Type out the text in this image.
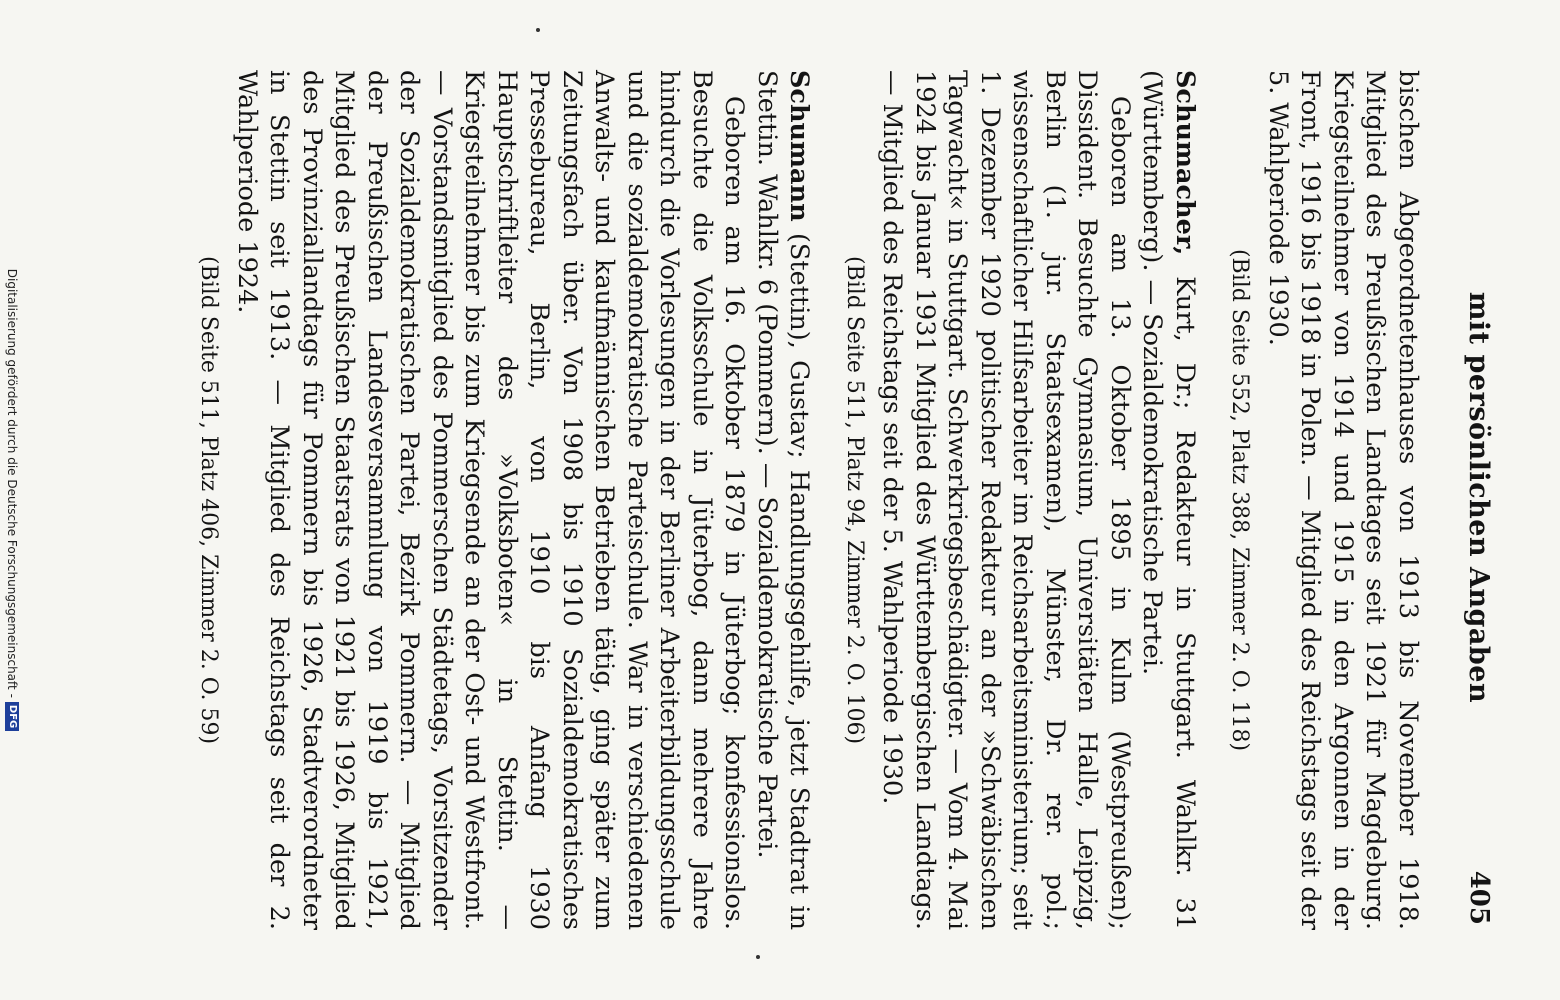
mit persönlichen Angaben
405

bischen Abgeordnetenhauses von 1913 bis November 1918. Mitglied des Preußischen Landtages seit 1921 für Magdeburg. Kriegsteilnehmer von 1914 und 1915 in den Argonnen in der Front, 1916 bis 1918 in Polen. — Mitglied des Reichstags seit der 5. Wahlperiode 1930.

(Bild Seite 552, Platz 388, Zimmer 2. O. 118)

Schumacher, Kurt, Dr.; Redakteur in Stuttgart. Wahlkr. 31 (Württemberg). — Sozialdemokratische Partei.

Geboren am 13. Oktober 1895 in Kulm (Westpreußen); Dissident. Besuchte Gymnasium, Universitäten Halle, Leipzig, Berlin (1. jur. Staatsexamen), Münster, Dr. rer. pol.; wissenschaftlicher Hilfsarbeiter im Reichsarbeitsministerium; seit 1. Dezember 1920 politischer Redakteur an der »Schwäbischen Tagwacht« in Stuttgart. Schwerkriegsbeschädigter. — Vom 4. Mai 1924 bis Januar 1931 Mitglied des Württembergischen Landtags. — Mitglied des Reichstags seit der 5. Wahlperiode 1930.

(Bild Seite 511, Platz 94, Zimmer 2. O. 106)

Schumann (Stettin), Gustav; Handlungsgehilfe, jetzt Stadtrat in Stettin. Wahlkr. 6 (Pommern). — Sozialdemokratische Partei.

Geboren am 16. Oktober 1879 in Jüterbog; konfessionslos. Besuchte die Volksschule in Jüterbog, dann mehrere Jahre hindurch die Vorlesungen in der Berliner Arbeiterbildungsschule und die sozialdemokratische Parteischule. War in verschiedenen Anwalts- und kaufmännischen Betrieben tätig, ging später zum Zeitungsfach über. Von 1908 bis 1910 Sozialdemokratisches Pressebureau, Berlin, von 1910 bis Anfang 1930 Hauptschriftleiter des »Volksboten« in Stettin. — Kriegsteilnehmer bis zum Kriegsende an der Ost- und Westfront. — Vorstandsmitglied des Pommerschen Städtetags, Vorsitzender der Sozialdemokratischen Partei, Bezirk Pommern. — Mitglied der Preußischen Landesversammlung von 1919 bis 1921, Mitglied des Preußischen Staatsrats von 1921 bis 1926, Mitglied des Provinziallandtags für Pommern bis 1926, Stadtverordneter in Stettin seit 1913. — Mitglied des Reichstags seit der 2. Wahlperiode 1924.

(Bild Seite 511, Platz 406, Zimmer 2. O. 59)

Digitalisierung gefördert durch die Deutsche Forschungsgemeinschaft -
DFG
